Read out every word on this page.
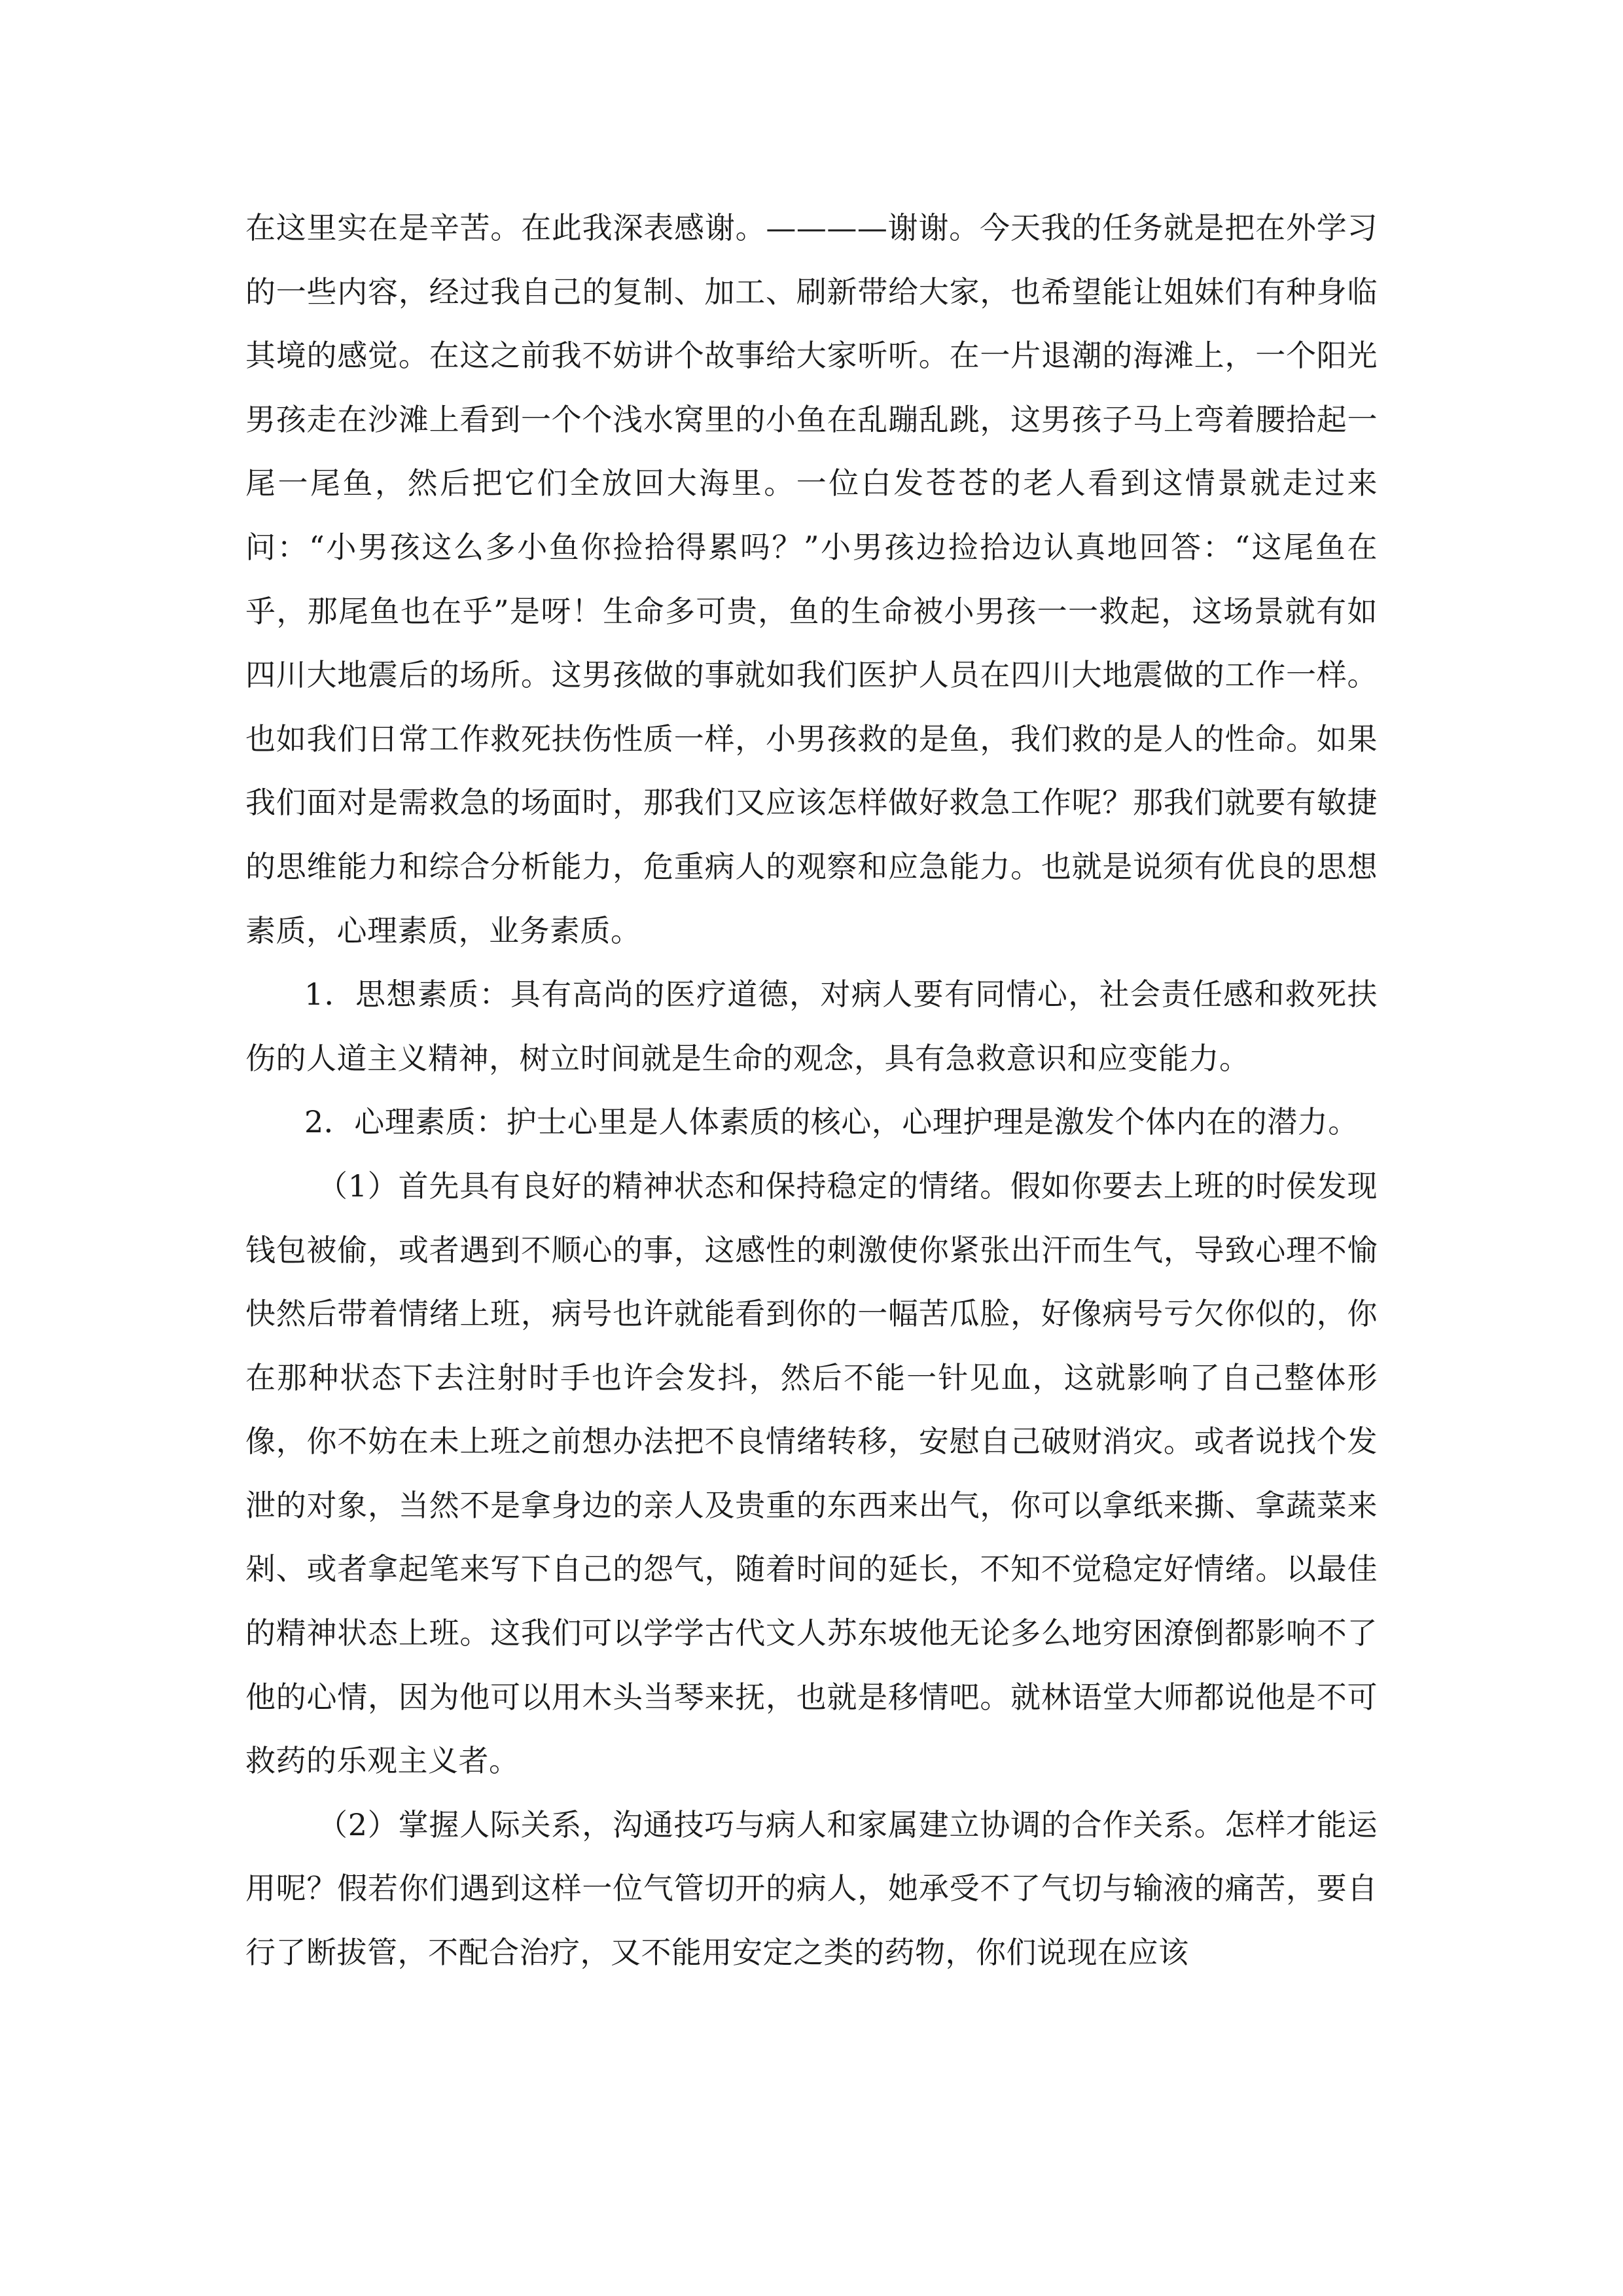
在这里实在是辛苦。在此我深表感谢。————谢谢。今天我的任务就是把在外学习的一些内容，经过我自己的复制、加工、刷新带给大家，也希望能让姐妹们有种身临其境的感觉。在这之前我不妨讲个故事给大家听听。在一片退潮的海滩上，一个阳光男孩走在沙滩上看到一个个浅水窝里的小鱼在乱蹦乱跳，这男孩子马上弯着腰拾起一尾一尾鱼，然后把它们全放回大海里。一位白发苍苍的老人看到这情景就走过来问：“小男孩这么多小鱼你捡拾得累吗？”小男孩边捡拾边认真地回答：“这尾鱼在乎，那尾鱼也在乎”是呀！生命多可贵，鱼的生命被小男孩一一救起，这场景就有如四川大地震后的场所。这男孩做的事就如我们医护人员在四川大地震做的工作一样。也如我们日常工作救死扶伤性质一样，小男孩救的是鱼，我们救的是人的性命。如果我们面对是需救急的场面时，那我们又应该怎样做好救急工作呢？那我们就要有敏捷的思维能力和综合分析能力，危重病人的观察和应急能力。也就是说须有优良的思想素质，心理素质，业务素质。

1．思想素质：具有高尚的医疗道德，对病人要有同情心，社会责任感和救死扶伤的人道主义精神，树立时间就是生命的观念，具有急救意识和应变能力。

2．心理素质：护士心里是人体素质的核心，心理护理是激发个体内在的潜力。

（1）首先具有良好的精神状态和保持稳定的情绪。假如你要去上班的时侯发现钱包被偷，或者遇到不顺心的事，这感性的刺激使你紧张出汗而生气，导致心理不愉快然后带着情绪上班，病号也许就能看到你的一幅苦瓜脸，好像病号亏欠你似的，你在那种状态下去注射时手也许会发抖，然后不能一针见血，这就影响了自己整体形像，你不妨在未上班之前想办法把不良情绪转移，安慰自己破财消灾。或者说找个发泄的对象，当然不是拿身边的亲人及贵重的东西来出气，你可以拿纸来撕、拿蔬菜来剁、或者拿起笔来写下自己的怨气，随着时间的延长，不知不觉稳定好情绪。以最佳的精神状态上班。这我们可以学学古代文人苏东坡他无论多么地穷困潦倒都影响不了他的心情，因为他可以用木头当琴来抚，也就是移情吧。就林语堂大师都说他是不可救药的乐观主义者。

（2）掌握人际关系，沟通技巧与病人和家属建立协调的合作关系。怎样才能运用呢？假若你们遇到这样一位气管切开的病人，她承受不了气切与输液的痛苦，要自行了断拔管，不配合治疗，又不能用安定之类的药物，你们说现在应该
